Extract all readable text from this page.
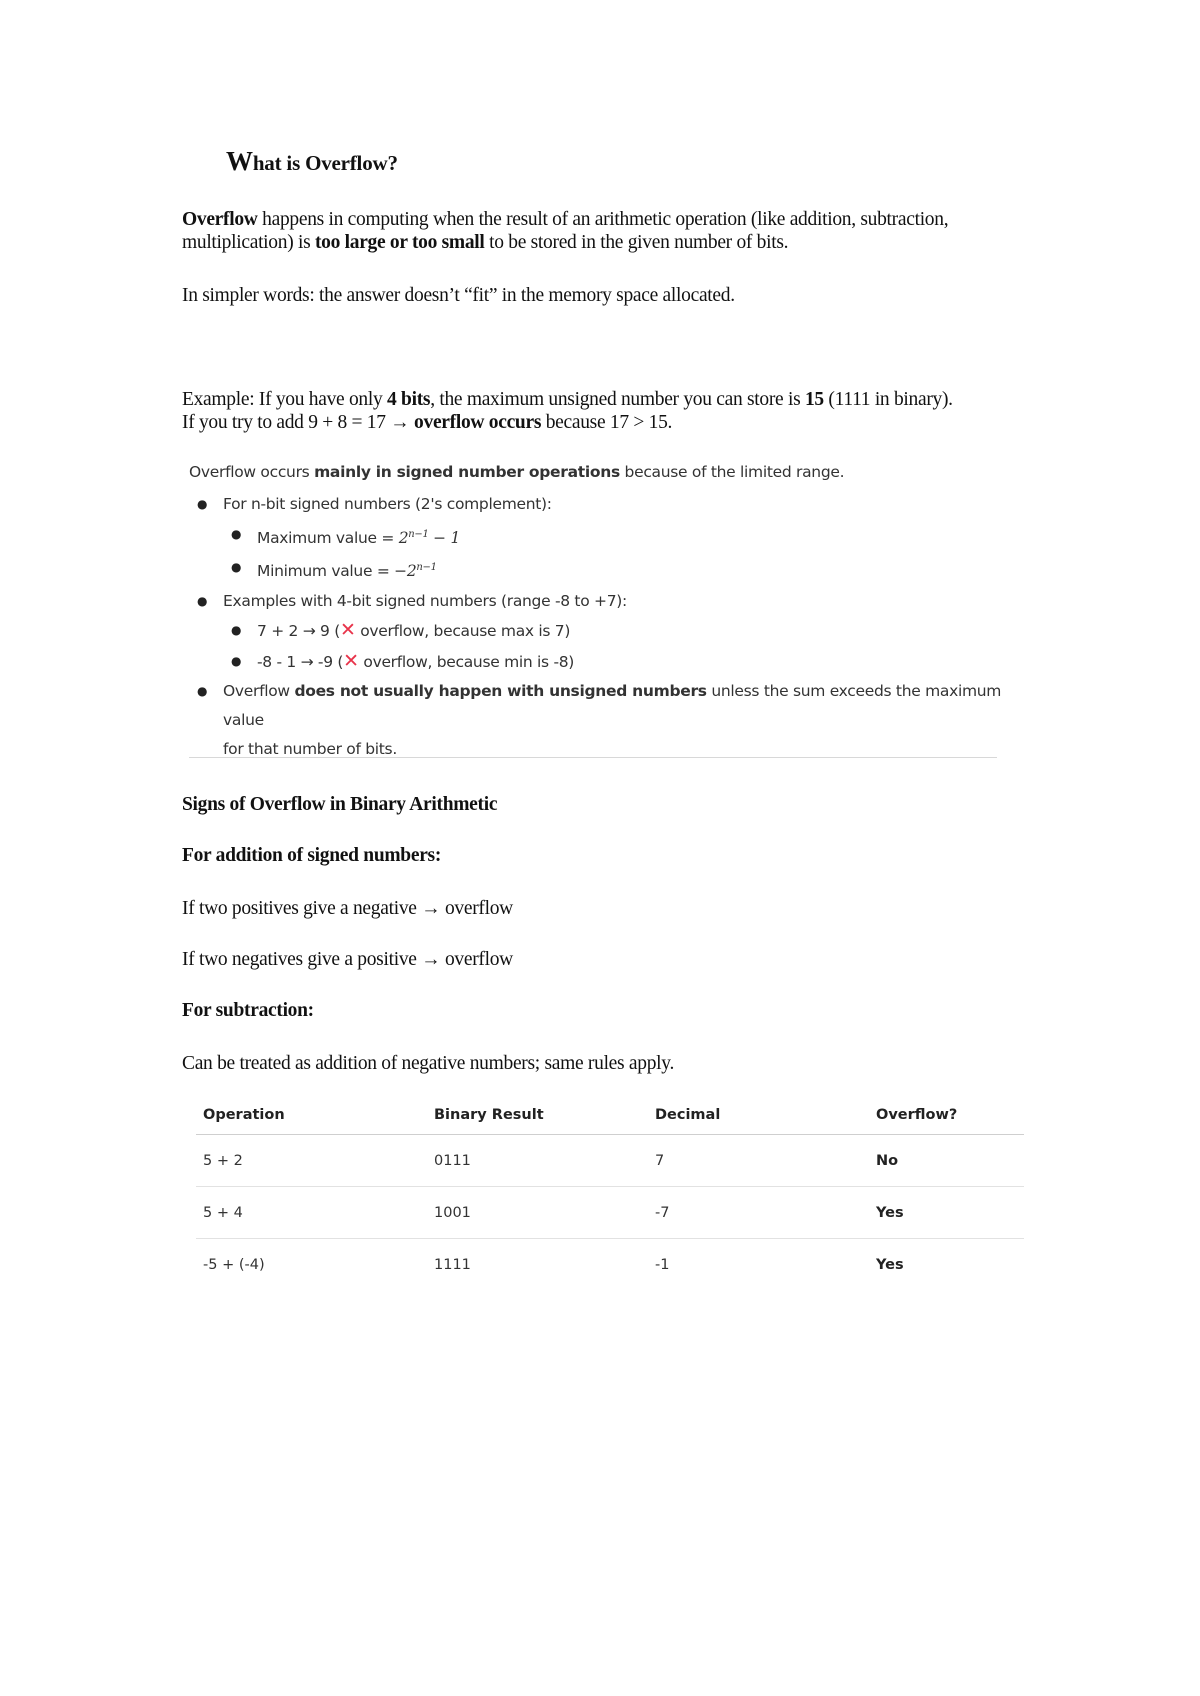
What is Overflow?

Overflow happens in computing when the result of an arithmetic operation (like addition, subtraction, multiplication) is too large or too small to be stored in the given number of bits.

In simpler words: the answer doesn’t “fit” in the memory space allocated.

Example: If you have only 4 bits, the maximum unsigned number you can store is 15 (1111 in binary).
If you try to add 9 + 8 = 17 → overflow occurs because 17 > 15.

Overflow occurs mainly in signed number operations because of the limited range.

● For n-bit signed numbers (2's complement):
● Maximum value = $2^{n-1} - 1$
● Minimum value = $-2^{n-1}$
● Examples with 4-bit signed numbers (range -8 to +7):
● 7 + 2 → 9 (✕ overflow, because max is 7)
● -8 - 1 → -9 (✕ overflow, because min is -8)
● Overflow does not usually happen with unsigned numbers unless the sum exceeds the maximum value
for that number of bits.
Signs of Overflow in Binary Arithmetic
For addition of signed numbers:

If two positives give a negative → overflow

If two negatives give a positive → overflow

For subtraction:

Can be treated as addition of negative numbers; same rules apply.

Operation	Binary Result	Decimal	Overflow?
5 + 2	0111	7	No
5 + 4	1001	-7	Yes
-5 + (-4)	1111	-1	Yes
